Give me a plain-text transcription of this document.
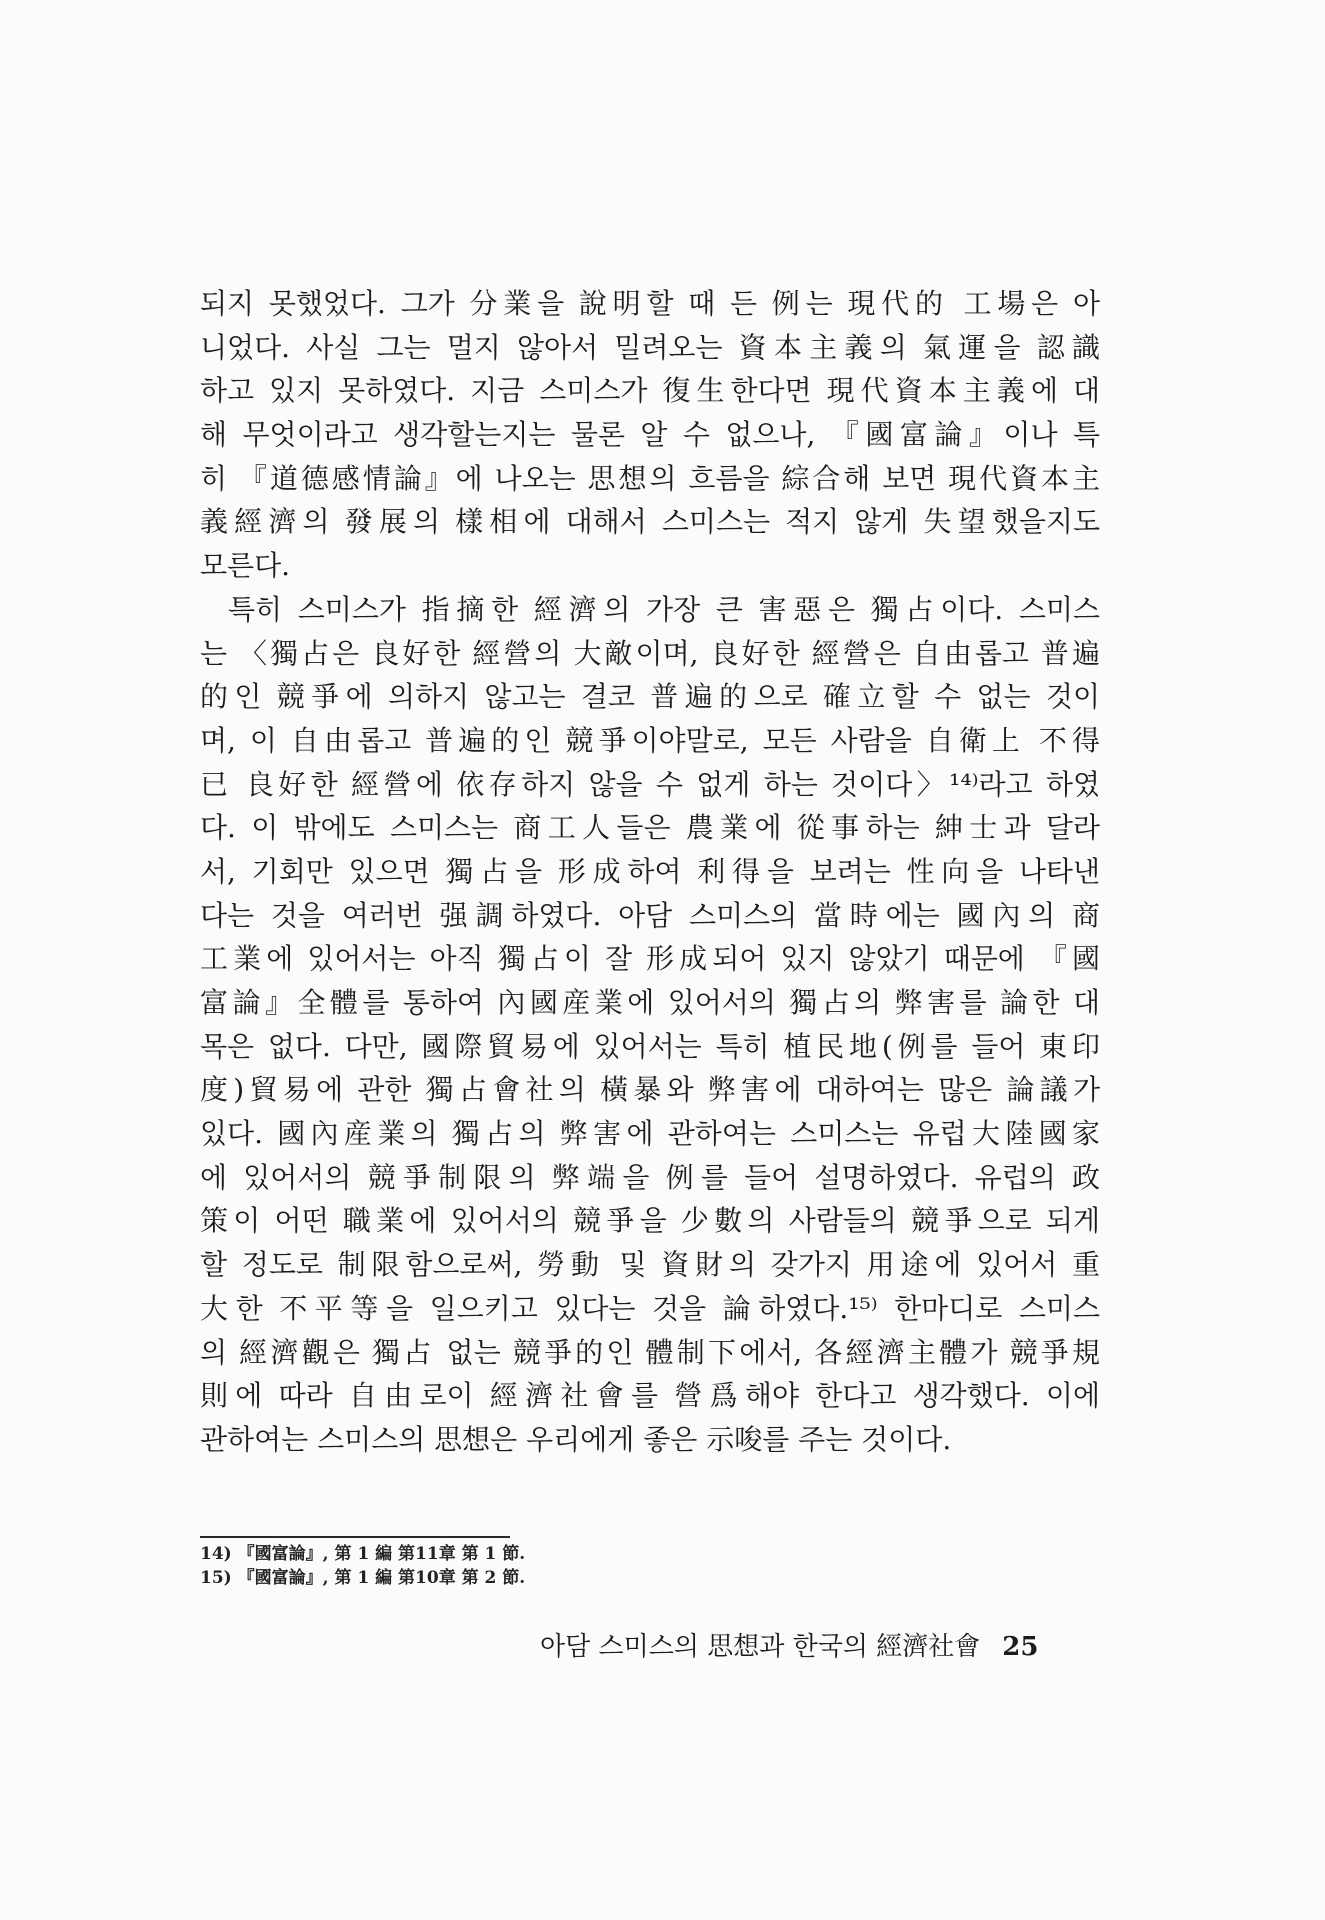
되지 못했었다. 그가 分業을 說明할 때 든 例는 現代的 工場은 아
니었다. 사실 그는 멀지 않아서 밀려오는 資本主義의 氣運을 認識
하고 있지 못하였다. 지금 스미스가 復生한다면 現代資本主義에 대
해 무엇이라고 생각할는지는 물론 알 수 없으나, 『國富論』이나 특
히 『道德感情論』에 나오는 思想의 흐름을 綜合해 보면 現代資本主
義經濟의 發展의 樣相에 대해서 스미스는 적지 않게 失望했을지도
모른다.

특히 스미스가 指摘한 經濟의 가장 큰 害惡은 獨占이다. 스미스
는 〈獨占은 良好한 經營의 大敵이며, 良好한 經營은 自由롭고 普遍
的인 競爭에 의하지 않고는 결코 普遍的으로 確立할 수 없는 것이
며, 이 自由롭고 普遍的인 競爭이야말로, 모든 사람을 自衛上 不得
已 良好한 經營에 依存하지 않을 수 없게 하는 것이다〉¹⁴⁾라고 하였
다. 이 밖에도 스미스는 商工人들은 農業에 從事하는 紳士과 달라
서, 기회만 있으면 獨占을 形成하여 利得을 보려는 性向을 나타낸
다는 것을 여러번 强調하였다. 아담 스미스의 當時에는 國內의 商
工業에 있어서는 아직 獨占이 잘 形成되어 있지 않았기 때문에 『國
富論』全體를 통하여 內國産業에 있어서의 獨占의 弊害를 論한 대
목은 없다. 다만, 國際貿易에 있어서는 특히 植民地(例를 들어 東印
度)貿易에 관한 獨占會社의 橫暴와 弊害에 대하여는 많은 論議가
있다. 國內産業의 獨占의 弊害에 관하여는 스미스는 유럽大陸國家
에 있어서의 競爭制限의 弊端을 例를 들어 설명하였다. 유럽의 政
策이 어떤 職業에 있어서의 競爭을 少數의 사람들의 競爭으로 되게
할 정도로 制限함으로써, 勞動 및 資財의 갖가지 用途에 있어서 重
大한 不平等을 일으키고 있다는 것을 論하였다.¹⁵⁾ 한마디로 스미스
의 經濟觀은 獨占 없는 競爭的인 體制下에서, 各經濟主體가 競爭規
則에 따라 自由로이 經濟社會를 營爲해야 한다고 생각했다. 이에
관하여는 스미스의 思想은 우리에게 좋은 示唆를 주는 것이다.

14) 『國富論』, 第 1 編 第11章 第 1 節.
15) 『國富論』, 第 1 編 第10章 第 2 節.
아담 스미스의 思想과 한국의 經濟社會 25
